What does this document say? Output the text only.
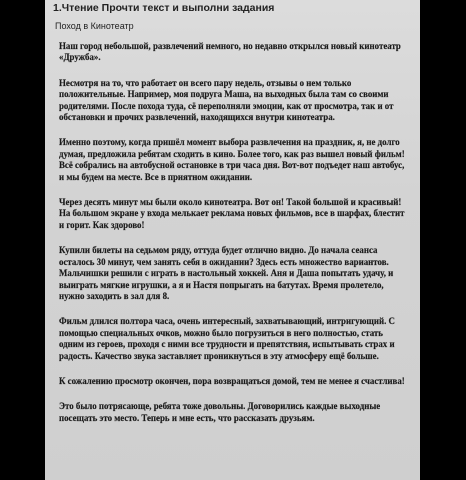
1.Чтение Прочти текст и выполни задания
Поход в Кинотеатр

Наш город небольшой, развлечений немного, но недавно открылся новый кинотеатр «Дружба».

Несмотря на то, что работает он всего пару недель, отзывы о нем только положительные. Например, моя подруга Маша, на выходных была там со своими родителями. После похода туда, сё переполняли эмоции, как от просмотра, так и от обстановки и прочих развлечений, находящихся внутри кинотеатра.

Именно поэтому, когда пришёл момент выбора развлечения на праздник, я, не долго думая, предложила ребятам сходить в кино. Более того, как раз вышел новый фильм! Всё собрались на автобусной остановке в три часа дня. Вот-вот подъедет наш автобус, и мы будем на месте. Все в приятном ожидании.

Через десять минут мы были около кинотеатра. Вот он! Такой большой и красивый! На большом экране у входа мелькает реклама новых фильмов, все в шарфах, блестит и горит. Как здорово!

Купили билеты на седьмом ряду, оттуда будет отлично видно. До начала сеанса осталось 30 минут, чем занять себя в ожидании? Здесь есть множество вариантов. Мальчишки решили с играть в настольный хоккей. Аня и Даша попытать удачу, и выиграть мягкие игрушки, а я и Настя попрыгать на батутах. Время пролетело, нужно заходить в зал для 8.

Фильм длился полтора часа, очень интересный, захватывающий, интригующий. С помощью специальных очков, можно было погрузиться в него полностью, стать одним из героев, проходя с ними все трудности и препятствия, испытывать страх и радость. Качество звука заставляет проникнуться в эту атмосферу ещё больше.

К сожалению просмотр окончен, пора возвращаться домой, тем не менее я счастлива!

Это было потрясающе, ребята тоже довольны. Договорились каждые выходные посещать это место. Теперь и мне есть, что рассказать друзьям.
